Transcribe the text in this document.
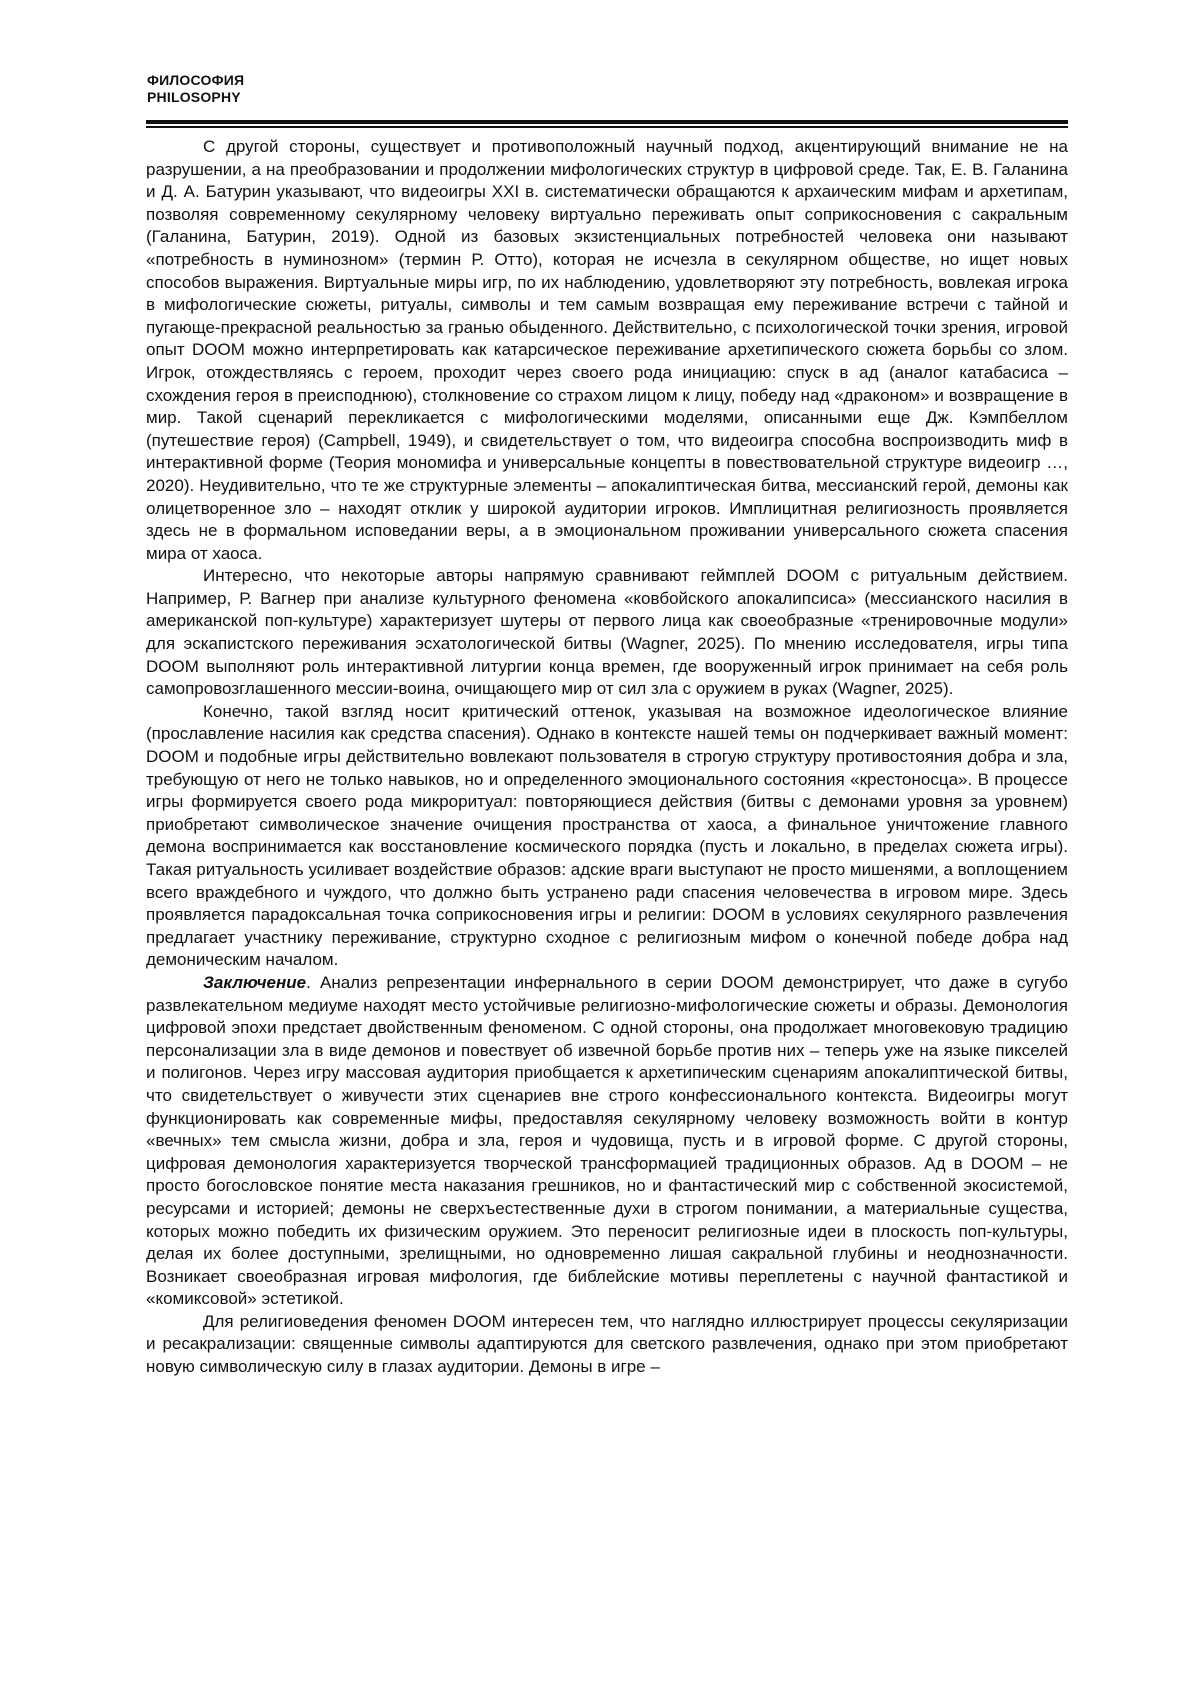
ФИЛОСОФИЯ
PHILOSOPHY

С другой стороны, существует и противоположный научный подход, акцентирующий внимание не на разрушении, а на преобразовании и продолжении мифологических структур в цифровой среде. Так, Е. В. Галанина и Д. А. Батурин указывают, что видеоигры XXI в. систематически обращаются к архаическим мифам и архетипам, позволяя современному секулярному человеку виртуально переживать опыт соприкосновения с сакральным (Галанина, Батурин, 2019). Одной из базовых экзистенциальных потребностей человека они называют «потребность в нуминозном» (термин Р. Отто), которая не исчезла в секулярном обществе, но ищет новых способов выражения. Виртуальные миры игр, по их наблюдению, удовлетворяют эту потребность, вовлекая игрока в мифологические сюжеты, ритуалы, символы и тем самым возвращая ему переживание встречи с тайной и пугающе-прекрасной реальностью за гранью обыденного. Действительно, с психологической точки зрения, игровой опыт DOOM можно интерпретировать как катарсическое переживание архетипического сюжета борьбы со злом. Игрок, отождествляясь с героем, проходит через своего рода инициацию: спуск в ад (аналог катабасиса – схождения героя в преисподнюю), столкновение со страхом лицом к лицу, победу над «драконом» и возвращение в мир. Такой сценарий перекликается с мифологическими моделями, описанными еще Дж. Кэмпбеллом (путешествие героя) (Campbell, 1949), и свидетельствует о том, что видеоигра способна воспроизводить миф в интерактивной форме (Теория мономифа и универсальные концепты в повествовательной структуре видеоигр …, 2020). Неудивительно, что те же структурные элементы – апокалиптическая битва, мессианский герой, демоны как олицетворенное зло – находят отклик у широкой аудитории игроков. Имплицитная религиозность проявляется здесь не в формальном исповедании веры, а в эмоциональном проживании универсального сюжета спасения мира от хаоса.

Интересно, что некоторые авторы напрямую сравнивают геймплей DOOM с ритуальным действием. Например, Р. Вагнер при анализе культурного феномена «ковбойского апокалипсиса» (мессианского насилия в американской поп-культуре) характеризует шутеры от первого лица как своеобразные «тренировочные модули» для эскапистского переживания эсхатологической битвы (Wagner, 2025). По мнению исследователя, игры типа DOOM выполняют роль интерактивной литургии конца времен, где вооруженный игрок принимает на себя роль самопровозглашенного мессии-воина, очищающего мир от сил зла с оружием в руках (Wagner, 2025).

Конечно, такой взгляд носит критический оттенок, указывая на возможное идеологическое влияние (прославление насилия как средства спасения). Однако в контексте нашей темы он подчеркивает важный момент: DOOM и подобные игры действительно вовлекают пользователя в строгую структуру противостояния добра и зла, требующую от него не только навыков, но и определенного эмоционального состояния «крестоносца». В процессе игры формируется своего рода микроритуал: повторяющиеся действия (битвы с демонами уровня за уровнем) приобретают символическое значение очищения пространства от хаоса, а финальное уничтожение главного демона воспринимается как восстановление космического порядка (пусть и локально, в пределах сюжета игры). Такая ритуальность усиливает воздействие образов: адские враги выступают не просто мишенями, а воплощением всего враждебного и чуждого, что должно быть устранено ради спасения человечества в игровом мире. Здесь проявляется парадоксальная точка соприкосновения игры и религии: DOOM в условиях секулярного развлечения предлагает участнику переживание, структурно сходное с религиозным мифом о конечной победе добра над демоническим началом.

Заключение. Анализ репрезентации инфернального в серии DOOM демонстрирует, что даже в сугубо развлекательном медиуме находят место устойчивые религиозно-мифологические сюжеты и образы. Демонология цифровой эпохи предстает двойственным феноменом. С одной стороны, она продолжает многовековую традицию персонализации зла в виде демонов и повествует об извечной борьбе против них – теперь уже на языке пикселей и полигонов. Через игру массовая аудитория приобщается к архетипическим сценариям апокалиптической битвы, что свидетельствует о живучести этих сценариев вне строго конфессионального контекста. Видеоигры могут функционировать как современные мифы, предоставляя секулярному человеку возможность войти в контур «вечных» тем смысла жизни, добра и зла, героя и чудовища, пусть и в игровой форме. С другой стороны, цифровая демонология характеризуется творческой трансформацией традиционных образов. Ад в DOOM – не просто богословское понятие места наказания грешников, но и фантастический мир с собственной экосистемой, ресурсами и историей; демоны не сверхъестественные духи в строгом понимании, а материальные существа, которых можно победить их физическим оружием. Это переносит религиозные идеи в плоскость поп-культуры, делая их более доступными, зрелищными, но одновременно лишая сакральной глубины и неоднозначности. Возникает своеобразная игровая мифология, где библейские мотивы переплетены с научной фантастикой и «комиксовой» эстетикой.

Для религиоведения феномен DOOM интересен тем, что наглядно иллюстрирует процессы секуляризации и ресакрализации: священные символы адаптируются для светского развлечения, однако при этом приобретают новую символическую силу в глазах аудитории. Демоны в игре –
